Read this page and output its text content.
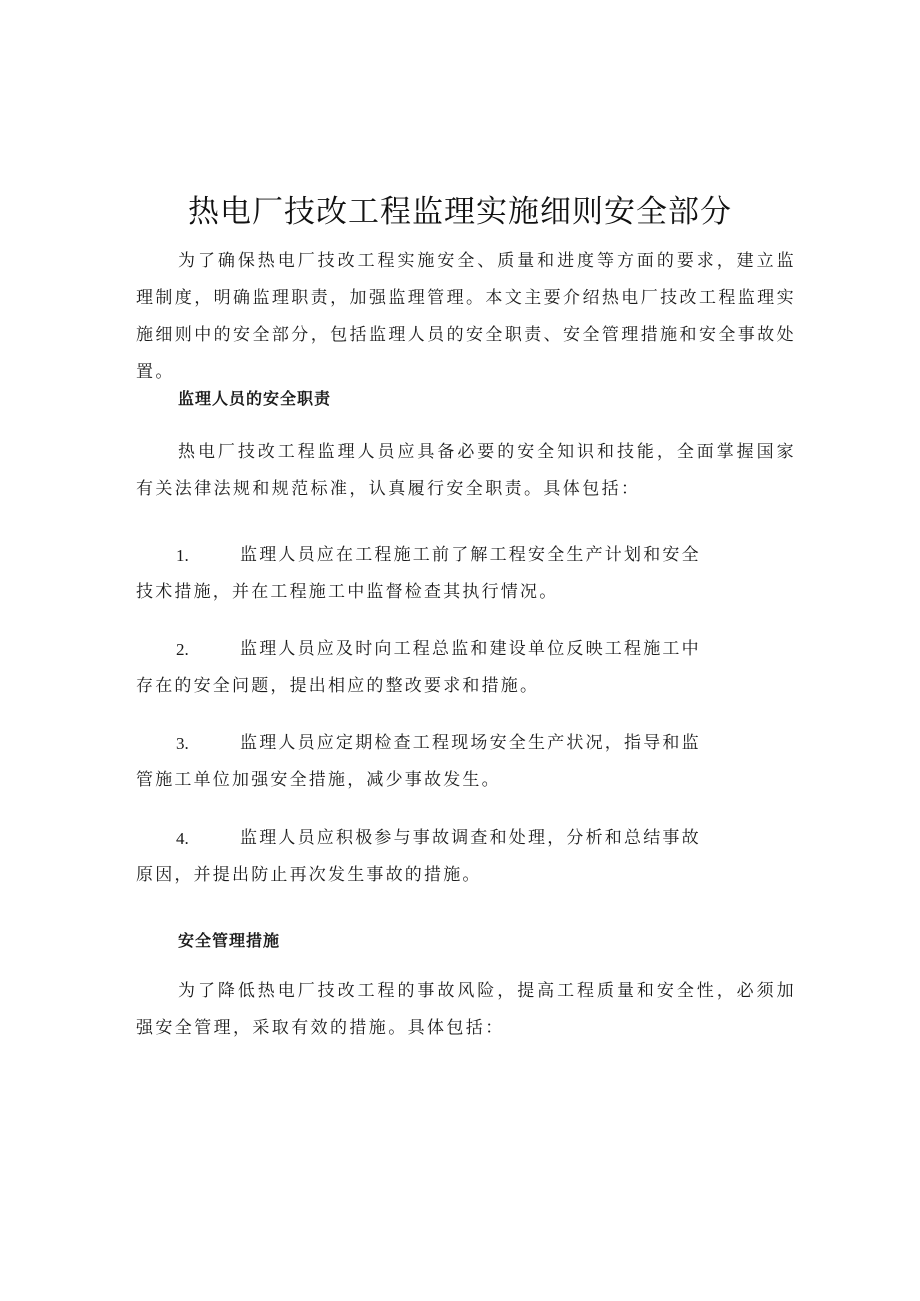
热电厂技改工程监理实施细则安全部分
为了确保热电厂技改工程实施安全、质量和进度等方面的要求，建立监理制度，明确监理职责，加强监理管理。本文主要介绍热电厂技改工程监理实施细则中的安全部分，包括监理人员的安全职责、安全管理措施和安全事故处置。
监理人员的安全职责
热电厂技改工程监理人员应具备必要的安全知识和技能，全面掌握国家有关法律法规和规范标准，认真履行安全职责。具体包括：
1.	监理人员应在工程施工前了解工程安全生产计划和安全技术措施，并在工程施工中监督检查其执行情况。
2.	监理人员应及时向工程总监和建设单位反映工程施工中存在的安全问题，提出相应的整改要求和措施。
3.	监理人员应定期检查工程现场安全生产状况，指导和监管施工单位加强安全措施，减少事故发生。
4.	监理人员应积极参与事故调查和处理，分析和总结事故原因，并提出防止再次发生事故的措施。
安全管理措施
为了降低热电厂技改工程的事故风险，提高工程质量和安全性，必须加强安全管理，采取有效的措施。具体包括：
